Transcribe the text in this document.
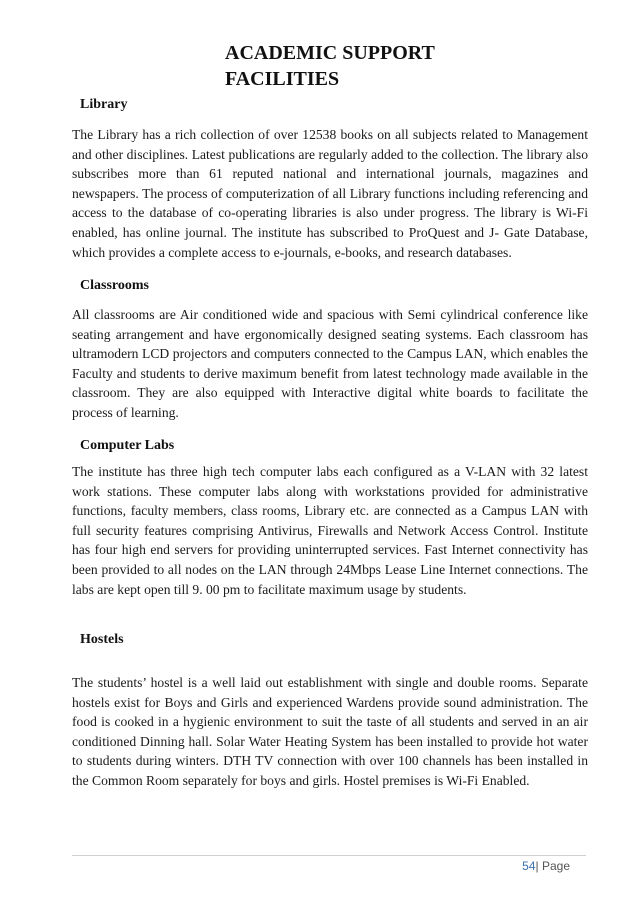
ACADEMIC SUPPORT
FACILITIES
Library

The Library has a rich collection of over 12538 books on all subjects related to Management and other disciplines. Latest publications are regularly added to the collection. The library also subscribes more than 61 reputed national and international journals, magazines and newspapers. The process of computerization of all Library functions including referencing and access to the database of co-operating libraries is also under progress. The library is Wi-Fi enabled, has online journal. The institute has subscribed to ProQuest and J- Gate Database, which provides a complete access to e-journals, e-books, and research databases.

Classrooms

All classrooms are Air conditioned wide and spacious with Semi cylindrical conference like seating arrangement and have ergonomically designed seating systems. Each classroom has ultramodern LCD projectors and computers connected to the Campus LAN, which enables the Faculty and students to derive maximum benefit from latest technology made available in the classroom. They are also equipped with Interactive digital white boards to facilitate the process of learning.

Computer Labs

The institute has three high tech computer labs each configured as a V-LAN with 32 latest work stations. These computer labs along with workstations provided for administrative functions, faculty members, class rooms, Library etc. are connected as a Campus LAN with full security features comprising Antivirus, Firewalls and Network Access Control. Institute has four high end servers for providing uninterrupted services. Fast Internet connectivity has been provided to all nodes on the LAN through 24Mbps Lease Line Internet connections. The labs are kept open till 9. 00 pm to facilitate maximum usage by students.

Hostels

The students’ hostel is a well laid out establishment with single and double rooms. Separate hostels exist for Boys and Girls and experienced Wardens provide sound administration. The food is cooked in a hygienic environment to suit the taste of all students and served in an air conditioned Dinning hall. Solar Water Heating System has been installed to provide hot water to students during winters. DTH TV connection with over 100 channels has been installed in the Common Room separately for boys and girls. Hostel premises is Wi-Fi Enabled.

54| Page
